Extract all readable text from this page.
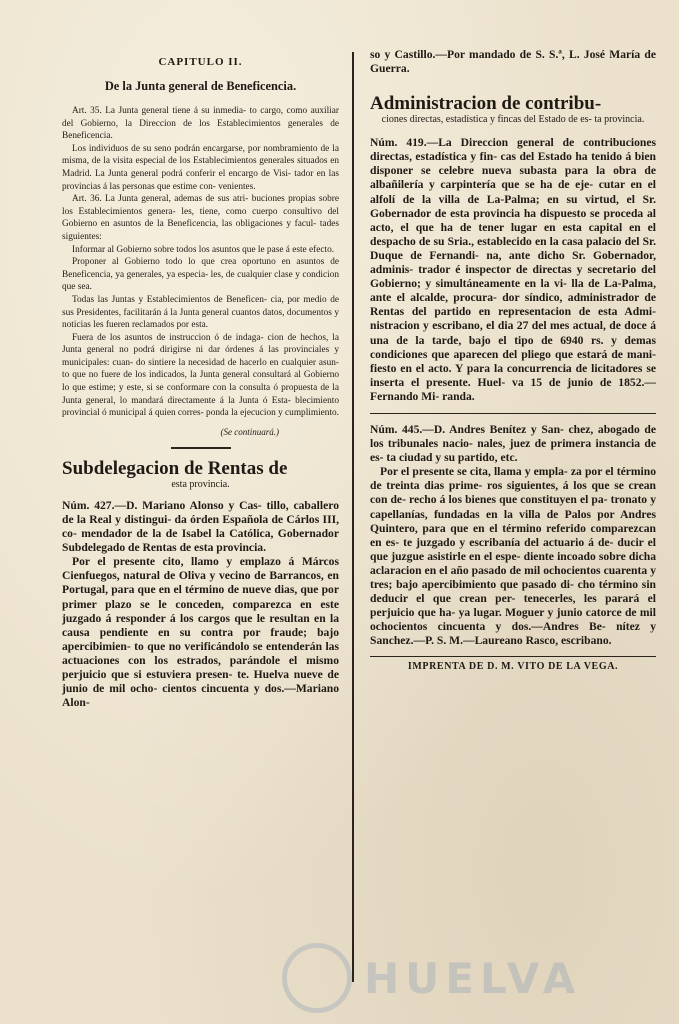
CAPITULO II.
De la Junta general de Beneficencia.

Art. 35. La Junta general tiene á su inmedia- to cargo, como auxiliar del Gobierno, la Direccion de los Establecimientos generales de Beneficencia.

Los individuos de su seno podrán encargarse, por nombramiento de la misma, de la visita especial de los Establecimientos generales situados en Madrid. La Junta general podrá conferir el encargo de Visi- tador en las provincias á las personas que estime con- venientes.

Art. 36. La Junta general, ademas de sus atri- buciones propias sobre los Establecimientos genera- les, tiene, como cuerpo consultivo del Gobierno en asuntos de la Beneficencia, las obligaciones y facul- tades siguientes:

Informar al Gobierno sobre todos los asuntos que le pase á este efecto.

Proponer al Gobierno todo lo que crea oportuno en asuntos de Beneficencia, ya generales, ya especia- les, de cualquier clase y condicion que sea.

Todas las Juntas y Establecimientos de Beneficen- cia, por medio de sus Presidentes, facilitarán á la Junta general cuantos datos, documentos y noticias les fueren reclamados por esta.

Fuera de los asuntos de instruccion ó de indaga- cion de hechos, la Junta general no podrá dirigirse ni dar órdenes á las provinciales y municipales: cuan- do sintiere la necesidad de hacerlo en cualquier asun- to que no fuere de los indicados, la Junta general consultará al Gobierno lo que estime; y este, si se conformare con la consulta ó propuesta de la Junta general, lo mandará directamente á la Junta ó Esta- blecimiento provincial ó municipal á quien corres- ponda la ejecucion y cumplimiento.

(Se continuará.)

Subdelegacion de Rentas de

esta provincia.

Núm. 427.—D. Mariano Alonso y Cas- tillo, caballero de la Real y distingui- da órden Española de Cárlos III, co- mendador de la de Isabel la Católica, Gobernador Subdelegado de Rentas de esta provincia.

Por el presente cito, llamo y emplazo á Márcos Cienfuegos, natural de Oliva y vecino de Barrancos, en Portugal, para que en el término de nueve dias, que por primer plazo se le conceden, comparezca en este juzgado á responder á los cargos que le resultan en la causa pendiente en su contra por fraude; bajo apercibimien- to que no verificándolo se entenderán las actuaciones con los estrados, parándole el mismo perjuicio que si estuviera presen- te. Huelva nueve de junio de mil ocho- cientos cincuenta y dos.—Mariano Alon-

so y Castillo.—Por mandado de S. S.ª, L. José María de Guerra.

Administracion de contribu-

ciones directas, estadística y fincas del Estado de es- ta provincia.

Núm. 419.—La Direccion general de contribuciones directas, estadística y fin- cas del Estado ha tenido á bien disponer se celebre nueva subasta para la obra de albañilería y carpintería que se ha de eje- cutar en el alfolí de la villa de La-Palma; en su virtud, el Sr. Gobernador de esta provincia ha dispuesto se proceda al acto, el que ha de tener lugar en esta capital en el despacho de su Sria., establecido en la casa palacio del Sr. Duque de Fernandi- na, ante dicho Sr. Gobernador, adminis- trador é inspector de directas y secretario del Gobierno; y simultáneamente en la vi- lla de La-Palma, ante el alcalde, procura- dor síndico, administrador de Rentas del partido en representacion de esta Admi- nistracion y escribano, el dia 27 del mes actual, de doce á una de la tarde, bajo el tipo de 6940 rs. y demas condiciones que aparecen del pliego que estará de mani- fiesto en el acto. Y para la concurrencia de licitadores se inserta el presente. Huel- va 15 de junio de 1852.—Fernando Mi- randa.

Núm. 445.—D. Andres Benítez y San- chez, abogado de los tribunales nacio- nales, juez de primera instancia de es- ta ciudad y su partido, etc.

Por el presente se cita, llama y empla- za por el término de treinta dias prime- ros siguientes, á los que se crean con de- recho á los bienes que constituyen el pa- tronato y capellanías, fundadas en la villa de Palos por Andres Quintero, para que en el término referido comparezcan en es- te juzgado y escribanía del actuario á de- ducir el que juzgue asistirle en el espe- diente incoado sobre dicha aclaracion en el año pasado de mil ochocientos cuarenta y tres; bajo apercibimiento que pasado di- cho término sin deducir el que crean per- tenecerles, les parará el perjuicio que ha- ya lugar. Moguer y junio catorce de mil ochocientos cincuenta y dos.—Andres Be- nítez y Sanchez.—P. S. M.—Laureano Rasco, escribano.

IMPRENTA DE D. M. VITO DE LA VEGA.
HUELVA
